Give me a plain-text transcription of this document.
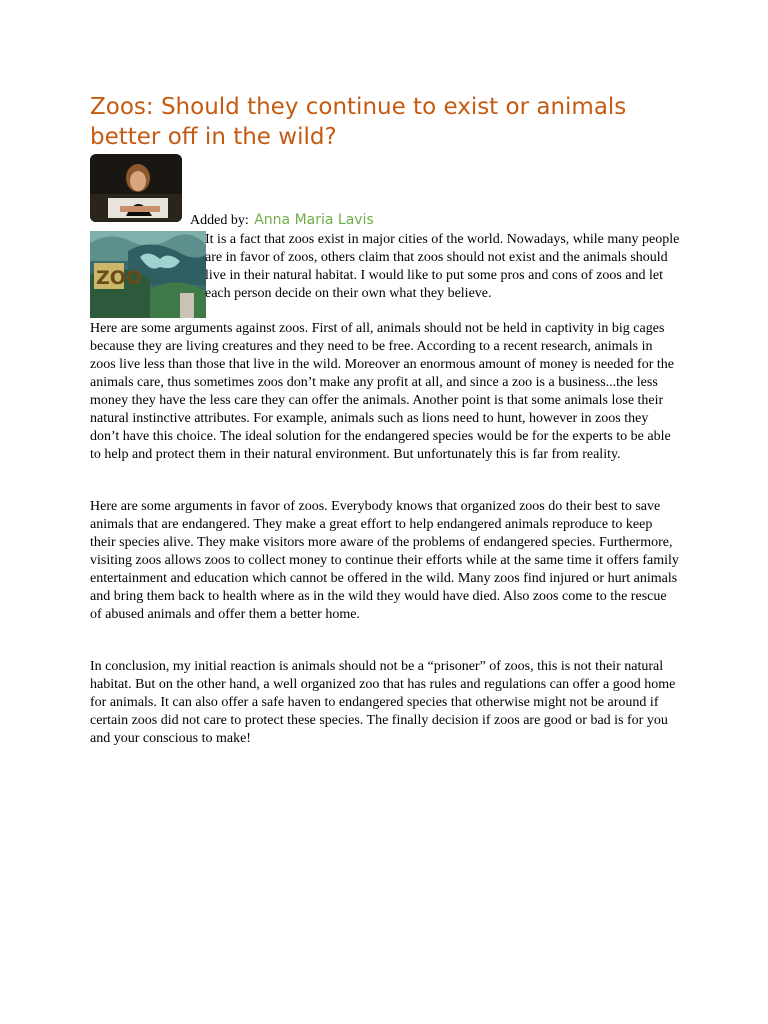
Zoos: Should they continue to exist or animals better off in the wild?
Added by: Anna Maria Lavis
ZOO

It is a fact that zoos exist in major cities of the world. Nowadays, while many people are in favor of zoos, others claim that zoos should not exist and the animals should live in their natural habitat. I would like to put some pros and cons of zoos and let each person decide on their own what they believe.

Here are some arguments against zoos. First of all, animals should not be held in captivity in big cages because they are living creatures and they need to be free. According to a recent research, animals in zoos live less than those that live in the wild. Moreover an enormous amount of money is needed for the animals care, thus sometimes zoos don’t make any profit at all, and since a zoo is a business...the less money they have the less care they can offer the animals. Another point is that some animals lose their natural instinctive attributes. For example, animals such as lions need to hunt, however in zoos they don’t have this choice. The ideal solution for the endangered species would be for the experts to be able to help and protect them in their natural environment. But unfortunately this is far from reality.

Here are some arguments in favor of zoos. Everybody knows that organized zoos do their best to save animals that are endangered. They make a great effort to help endangered animals reproduce to keep their species alive. They make visitors more aware of the problems of endangered species. Furthermore, visiting zoos allows zoos to collect money to continue their efforts while at the same time it offers family entertainment and education which cannot be offered in the wild. Many zoos find injured or hurt animals and bring them back to health where as in the wild they would have died. Also zoos come to the rescue of abused animals and offer them a better home.

In conclusion, my initial reaction is animals should not be a “prisoner” of zoos, this is not their natural habitat. But on the other hand, a well organized zoo that has rules and regulations can offer a good home for animals. It can also offer a safe haven to endangered species that otherwise might not be around if certain zoos did not care to protect these species. The finally decision if zoos are good or bad is for you and your conscious to make!
